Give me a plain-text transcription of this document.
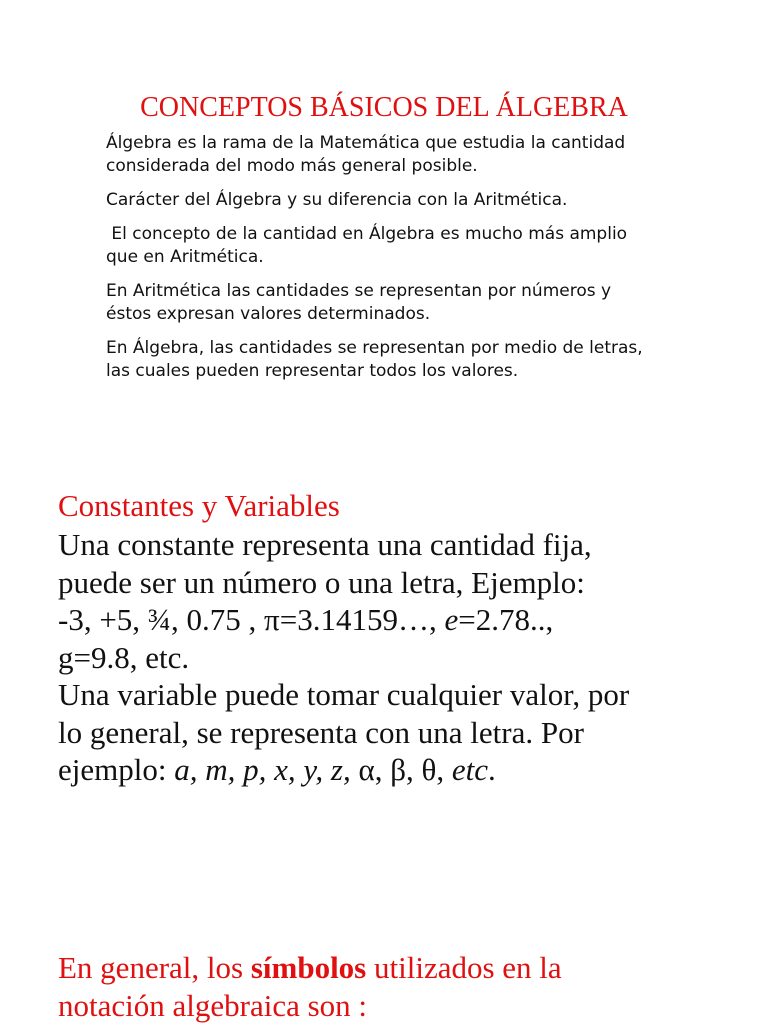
CONCEPTOS BÁSICOS DEL ÁLGEBRA

Álgebra es la rama de la Matemática que estudia la cantidad
considerada del modo más general posible.

Carácter del Álgebra y su diferencia con la Aritmética.

El concepto de la cantidad en Álgebra es mucho más amplio
que en Aritmética.

En Aritmética las cantidades se representan por números y
éstos expresan valores determinados.

En Álgebra, las cantidades se representan por medio de letras,
las cuales pueden representar todos los valores.

Constantes y Variables
Una constante representa una cantidad fija,
puede ser un número o una letra, Ejemplo:
-3, +5, ¾, 0.75 , π=3.14159…, e=2.78..,
g=9.8, etc.
Una variable puede tomar cualquier valor, por
lo general, se representa con una letra. Por
ejemplo: a, m, p, x, y, z, α, β, θ, etc.
En general, los símbolos utilizados en la
notación algebraica son :
